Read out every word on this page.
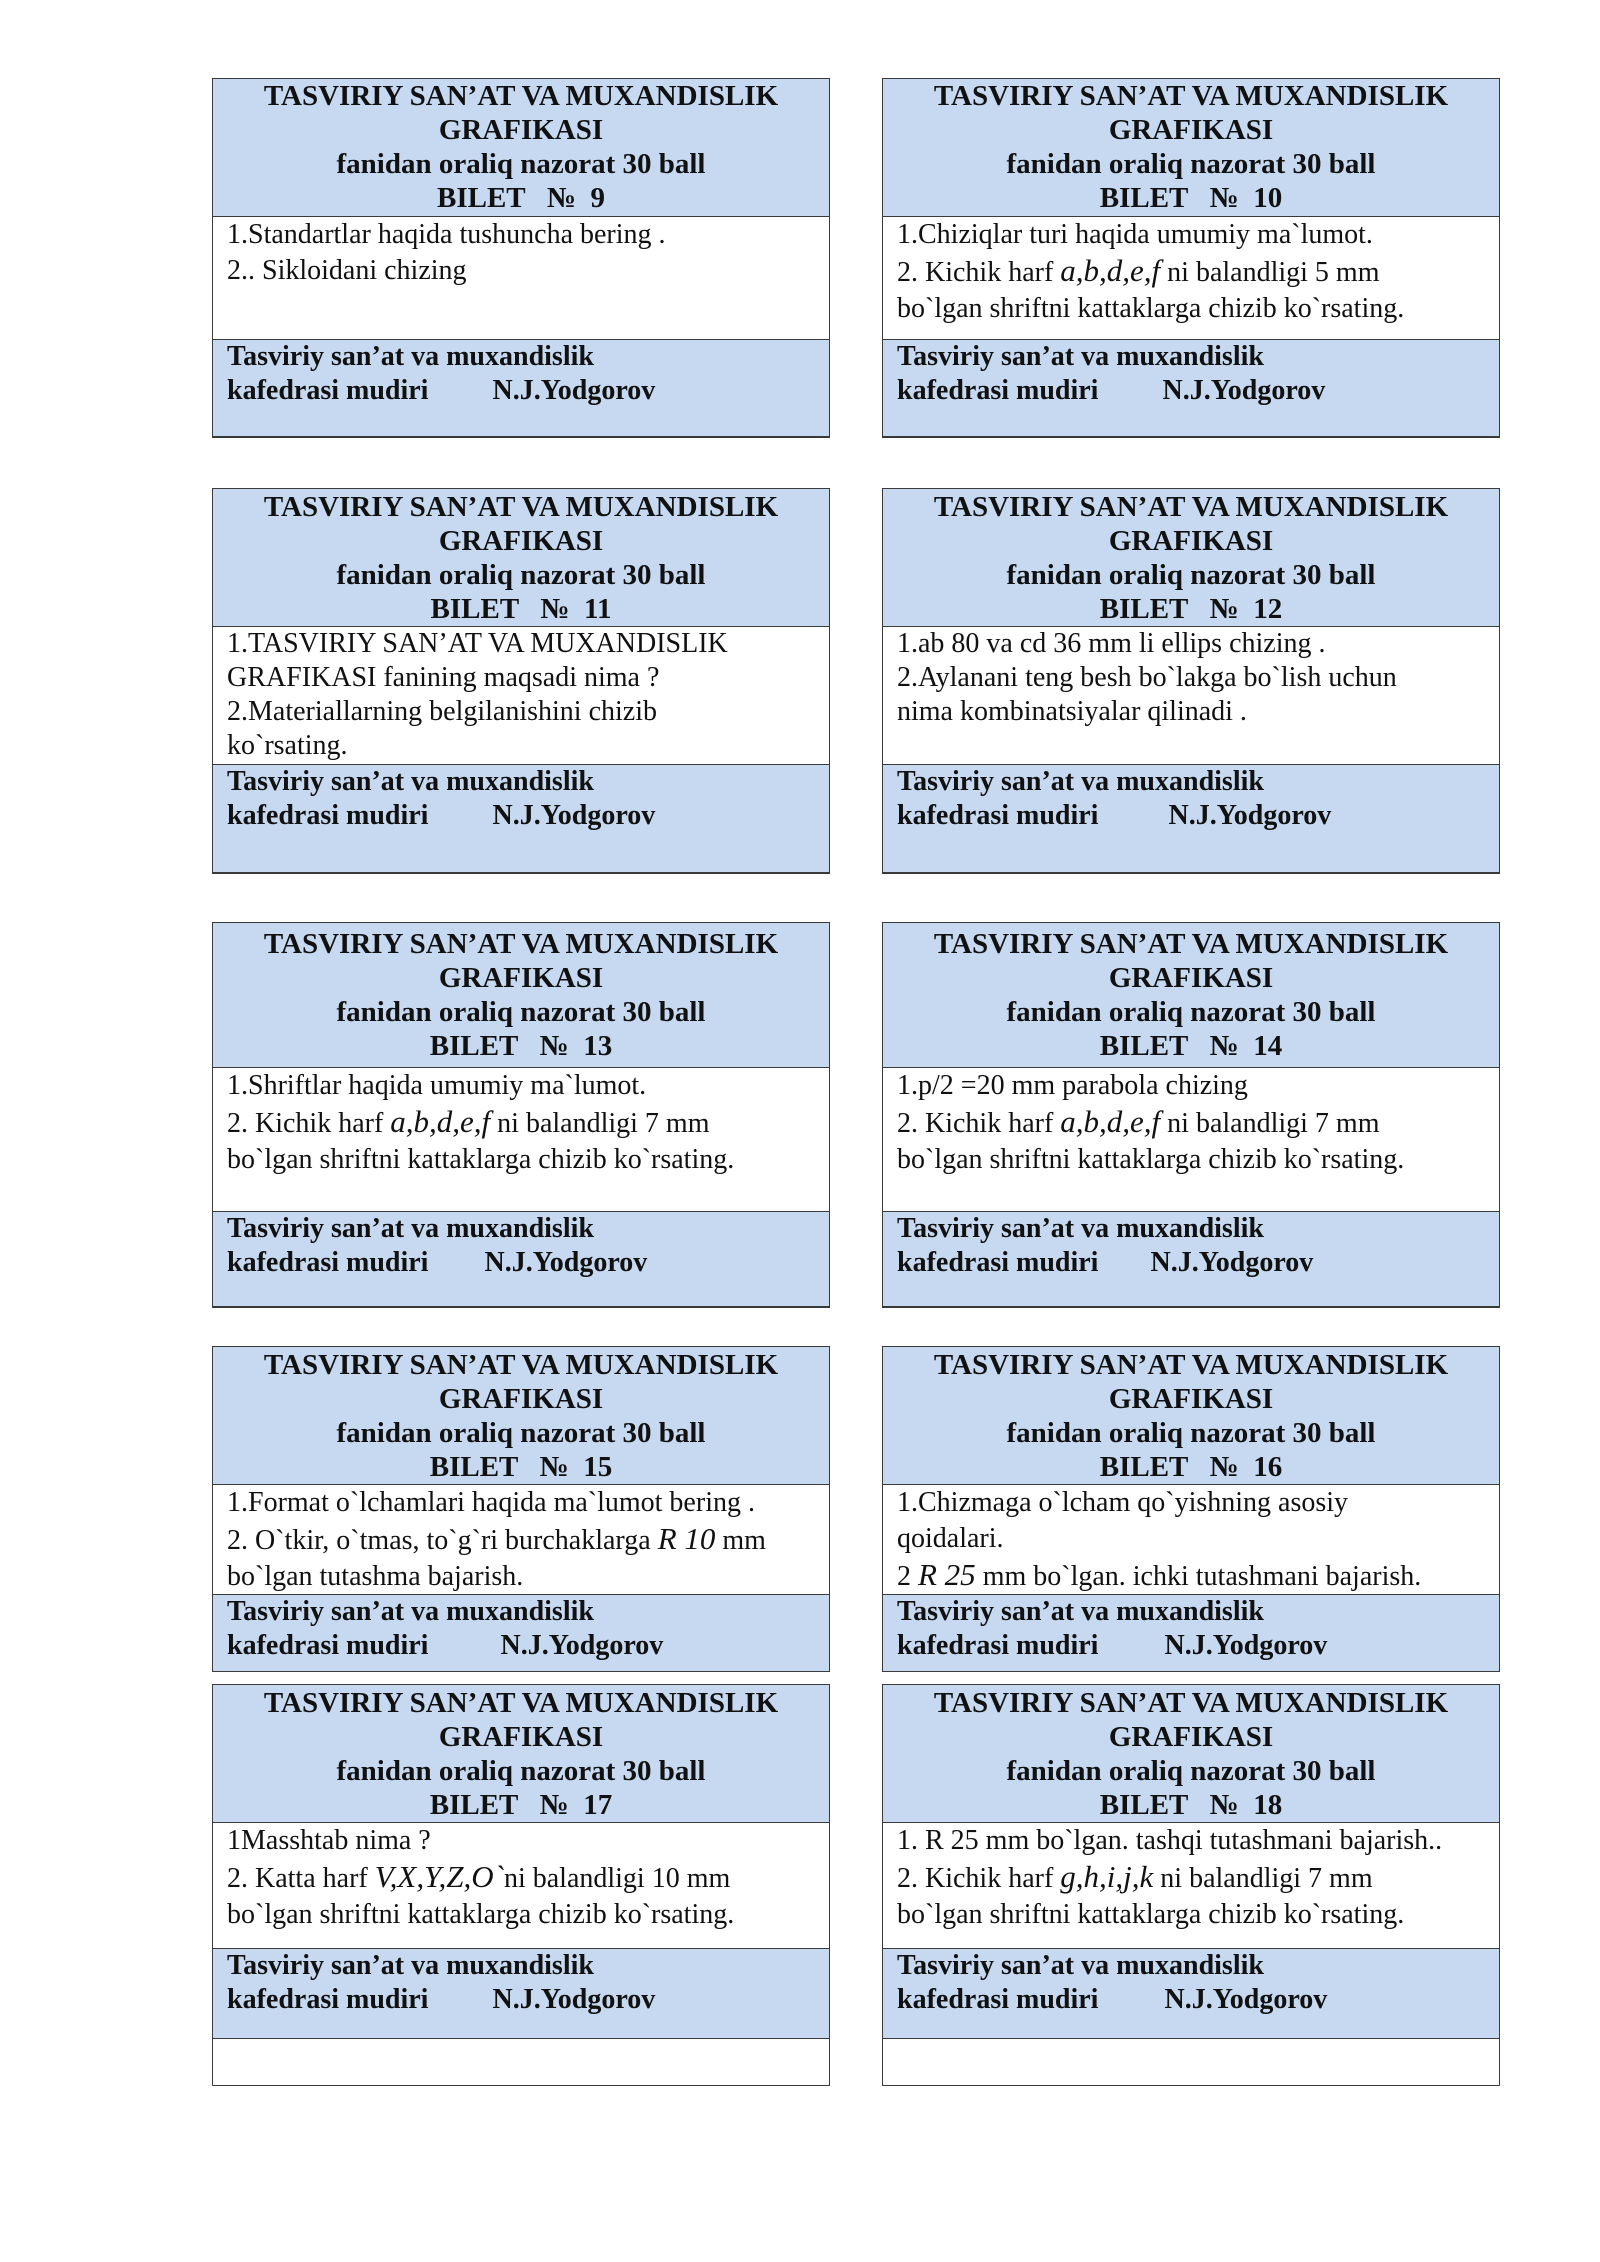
TASVIRIY SAN’AT VA MUXANDISLIK
GRAFIKASI
fanidan oraliq nazorat 30 ball
BILET   №  9
1.Standartlar haqida tushuncha bering .
2.. Sikloidani chizing
Tasviriy san’at va muxandislik
kafedrasi mudiri N.J.Yodgorov
TASVIRIY SAN’AT VA MUXANDISLIK
GRAFIKASI
fanidan oraliq nazorat 30 ball
BILET   №  10
1.Chiziqlar turi haqida umumiy ma`lumot.
2. Kichik harf a,b,d,e,f ni balandligi 5 mm
bo`lgan shriftni kattaklarga chizib ko`rsating.
Tasviriy san’at va muxandislik
kafedrasi mudiri N.J.Yodgorov
TASVIRIY SAN’AT VA MUXANDISLIK
GRAFIKASI
fanidan oraliq nazorat 30 ball
BILET   №  11
1.TASVIRIY SAN’AT VA MUXANDISLIK
GRAFIKASI fanining maqsadi nima ?
2.Materiallarning belgilanishini chizib
ko`rsating.
Tasviriy san’at va muxandislik
kafedrasi mudiri N.J.Yodgorov
TASVIRIY SAN’AT VA MUXANDISLIK
GRAFIKASI
fanidan oraliq nazorat 30 ball
BILET   №  12
1.ab 80 va cd 36 mm li ellips chizing .
2.Aylanani teng besh bo`lakga bo`lish uchun
nima kombinatsiyalar qilinadi .
Tasviriy san’at va muxandislik
kafedrasi mudiri	N.J.Yodgorov
TASVIRIY SAN’AT VA MUXANDISLIK
GRAFIKASI
fanidan oraliq nazorat 30 ball
BILET   №  13
1.Shriftlar haqida umumiy ma`lumot.
2. Kichik harf a,b,d,e,f ni balandligi 7 mm
bo`lgan shriftni kattaklarga chizib ko`rsating.
Tasviriy san’at va muxandislik
kafedrasi mudiri N.J.Yodgorov
TASVIRIY SAN’AT VA MUXANDISLIK
GRAFIKASI
fanidan oraliq nazorat 30 ball
BILET   №  14
1.p/2 =20 mm parabola chizing
2. Kichik harf a,b,d,e,f ni balandligi 7 mm
bo`lgan shriftni kattaklarga chizib ko`rsating.
Tasviriy san’at va muxandislik
kafedrasi mudiri N.J.Yodgorov
TASVIRIY SAN’AT VA MUXANDISLIK
GRAFIKASI
fanidan oraliq nazorat 30 ball
BILET   №  15
1.Format o`lchamlari haqida ma`lumot bering .
2. O`tkir, o`tmas, to`g`ri burchaklarga R 10 mm
bo`lgan tutashma bajarish.
Tasviriy san’at va muxandislik
kafedrasi mudiri	N.J.Yodgorov
TASVIRIY SAN’AT VA MUXANDISLIK
GRAFIKASI
fanidan oraliq nazorat 30 ball
BILET   №  16
1.Chizmaga o`lcham qo`yishning asosiy
qoidalari.
2 R 25 mm bo`lgan. ichki tutashmani bajarish.
Tasviriy san’at va muxandislik
kafedrasi mudiri N.J.Yodgorov
TASVIRIY SAN’AT VA MUXANDISLIK
GRAFIKASI
fanidan oraliq nazorat 30 ball
BILET   №  17
1Masshtab nima ?
2. Katta harf V,X,Y,Z,O`ni balandligi 10 mm
bo`lgan shriftni kattaklarga chizib ko`rsating.
Tasviriy san’at va muxandislik
kafedrasi mudiri N.J.Yodgorov
TASVIRIY SAN’AT VA MUXANDISLIK
GRAFIKASI
fanidan oraliq nazorat 30 ball
BILET   №  18
1. R 25 mm bo`lgan. tashqi tutashmani bajarish..
2. Kichik harf g,h,i,j,k ni balandligi 7 mm
bo`lgan shriftni kattaklarga chizib ko`rsating.
Tasviriy san’at va muxandislik
kafedrasi mudiri N.J.Yodgorov
